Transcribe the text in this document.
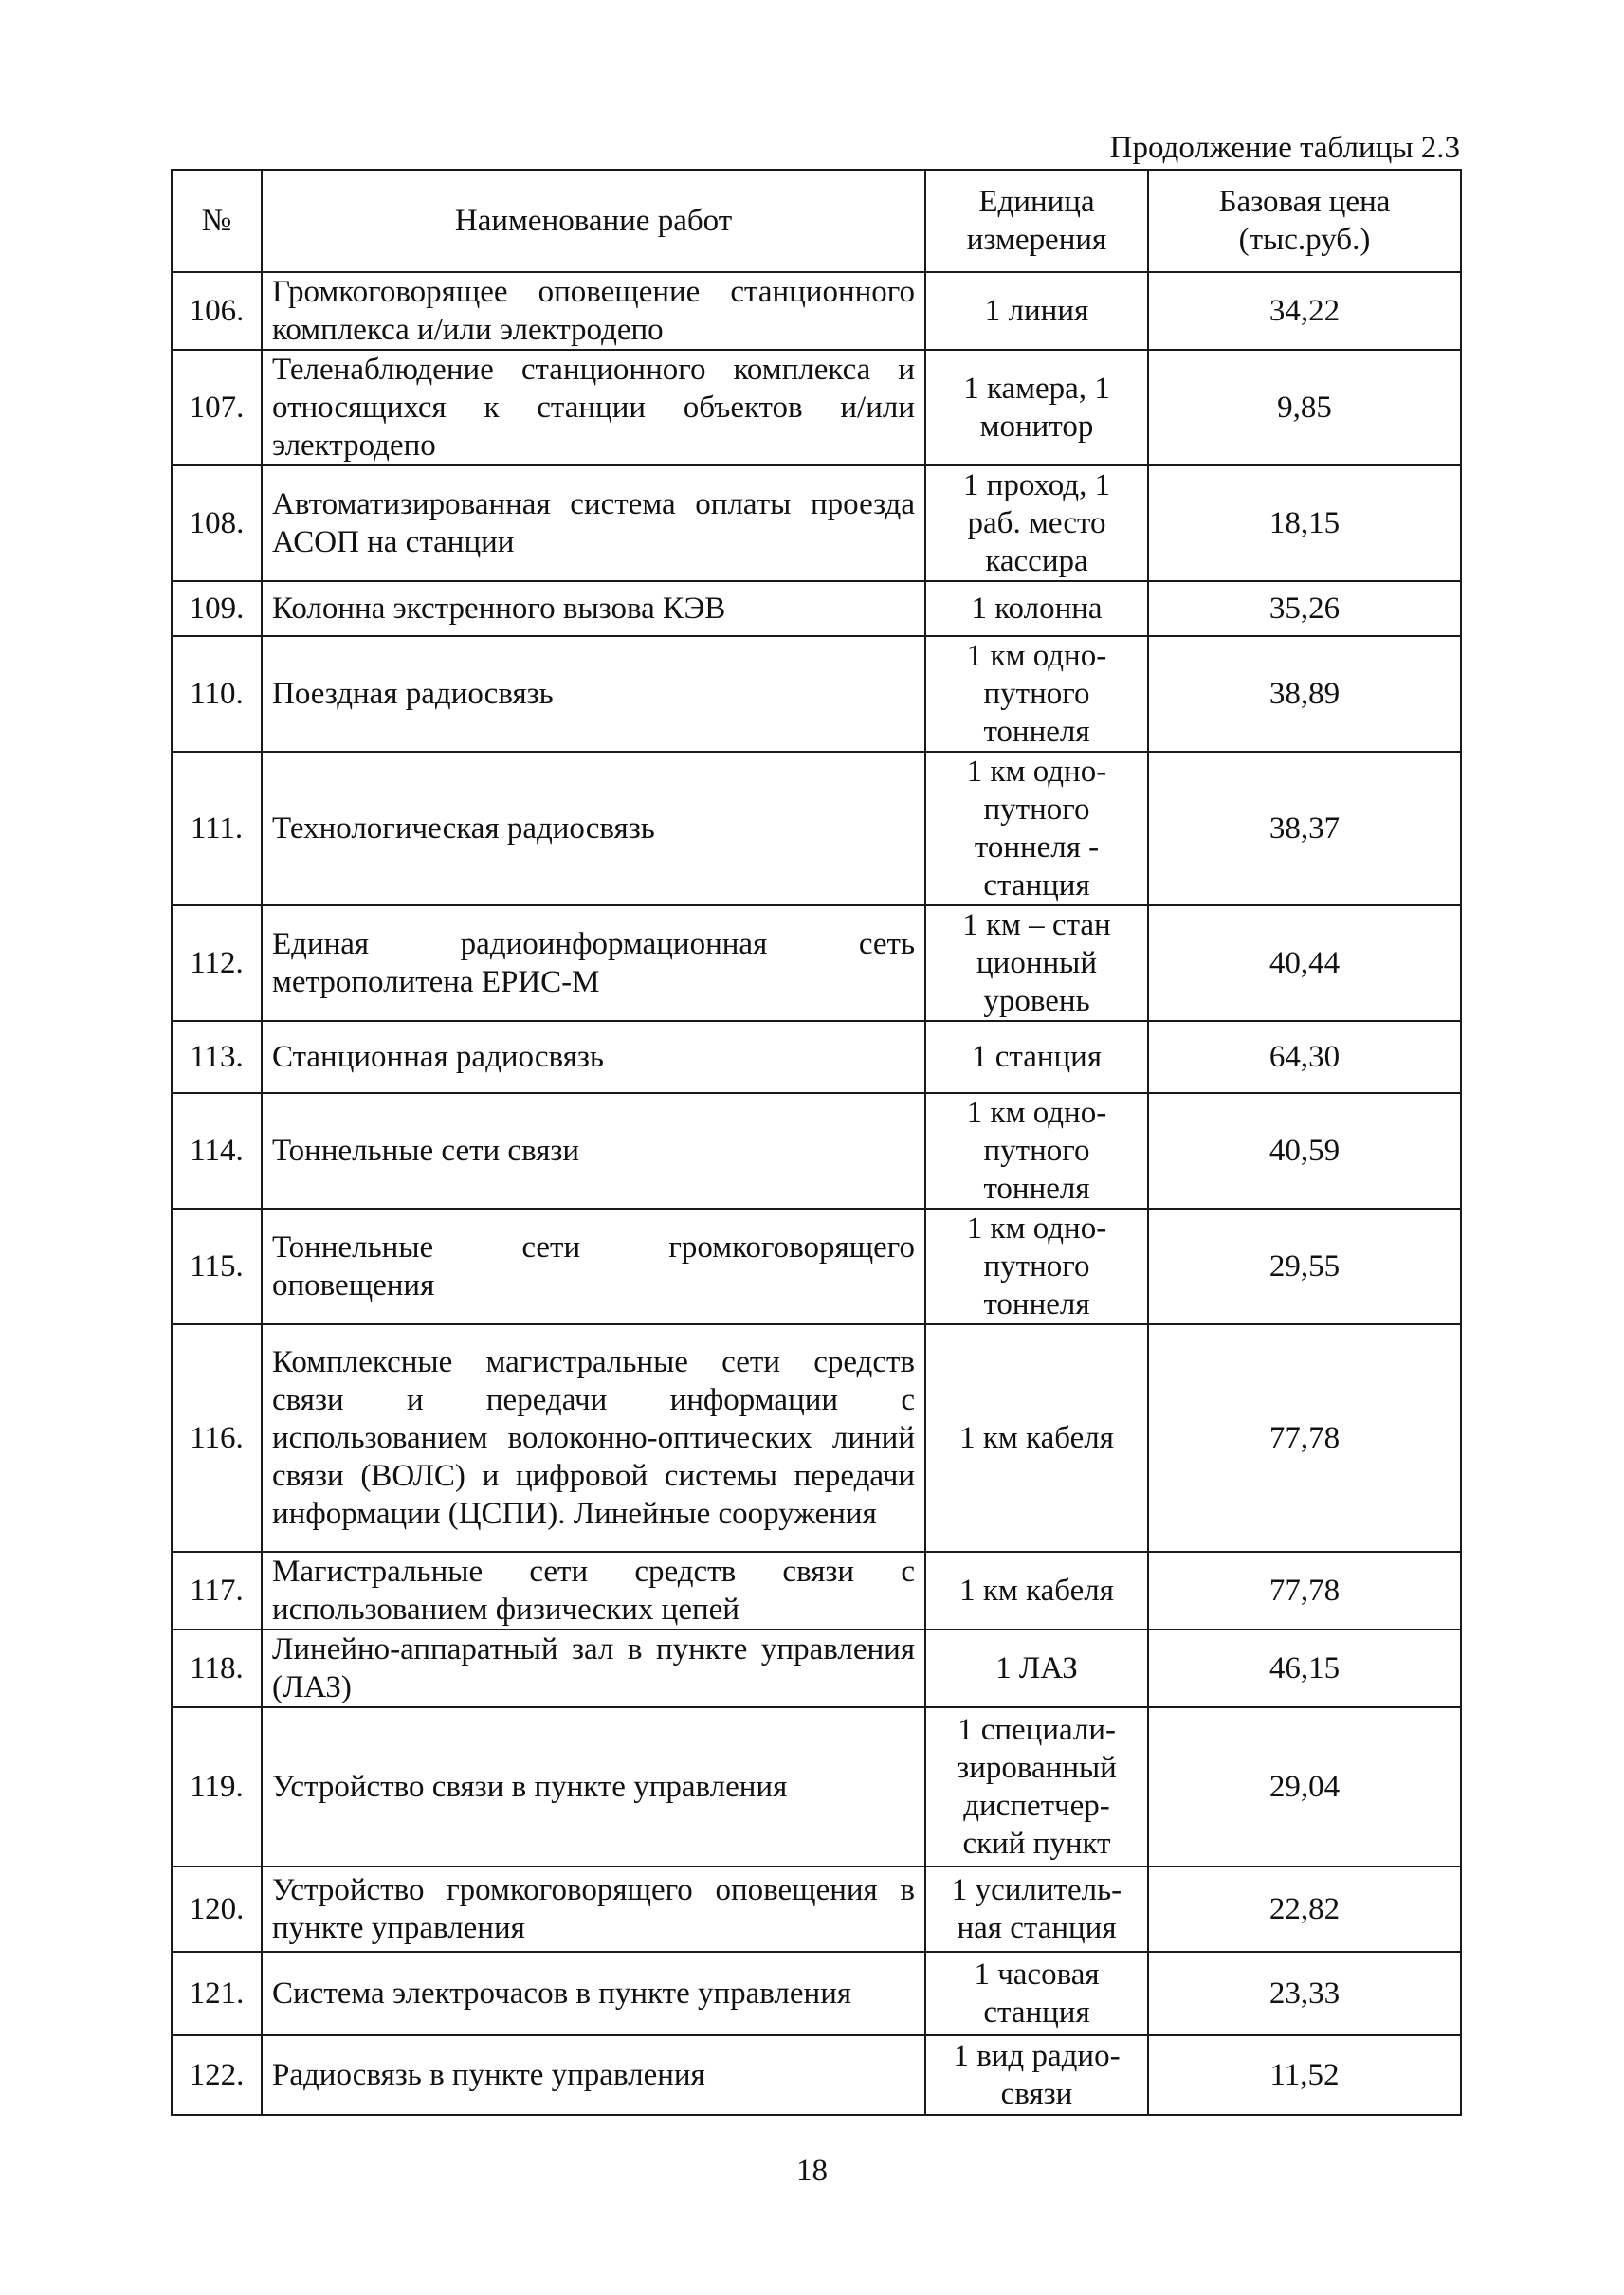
Продолжение таблицы 2.3
№	Наименование работ	Единица измерения	Базовая цена (тыс.руб.)
106.	Громкоговорящее оповещение станционного комплекса и/или электродепо	1 линия	34,22
107.	Теленаблюдение станционного комплекса и относящихся к станции объектов и/или электродепо	1 камера, 1 монитор	9,85
108.	Автоматизированная система оплаты проезда АСОП на станции	1 проход, 1 раб. место кассира	18,15
109.	Колонна экстренного вызова КЭВ	1 колонна	35,26
110.	Поездная радиосвязь	1 км одно-путного тоннеля	38,89
111.	Технологическая радиосвязь	1 км одно-путного тоннеля - станция	38,37
112.	Единая радиоинформационная сеть метрополитена ЕРИС-М	1 км – стан ционный уровень	40,44
113.	Станционная радиосвязь	1 станция	64,30
114.	Тоннельные сети связи	1 км одно-путного тоннеля	40,59
115.	Тоннельные сети громкоговорящего оповещения	1 км одно-путного тоннеля	29,55
116.	Комплексные магистральные сети средств связи и передачи информации с использованием волоконно-оптических линий связи (ВОЛС) и цифровой системы передачи информации (ЦСПИ). Линейные сооружения	1 км кабеля	77,78
117.	Магистральные сети средств связи с использованием физических цепей	1 км кабеля	77,78
118.	Линейно-аппаратный зал в пункте управления (ЛАЗ)	1 ЛАЗ	46,15
119.	Устройство связи в пункте управления	1 специали-зированный диспетчер-ский пункт	29,04
120.	Устройство громкоговорящего оповещения в пункте управления	1 усилитель-ная станция	22,82
121.	Система электрочасов в пункте управления	1 часовая станция	23,33
122.	Радиосвязь в пункте управления	1 вид радио-связи	11,52
18
